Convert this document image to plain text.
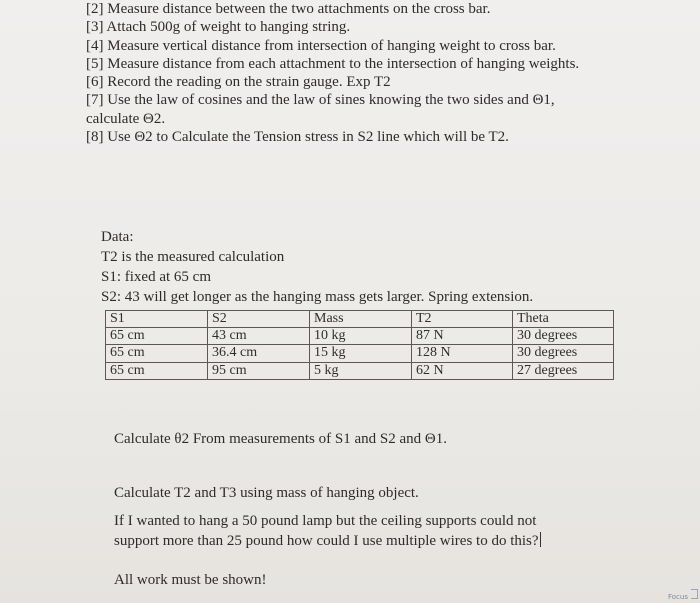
[2] Measure distance between the two attachments on the cross bar.

[3] Attach 500g of weight to hanging string.

[4] Measure vertical distance from intersection of hanging weight to cross bar.

[5] Measure distance from each attachment to the intersection of hanging weights.

[6] Record the reading on the strain gauge. Exp T2

[7] Use the law of cosines and the law of sines knowing the two sides and Θ1, calculate Θ2.

[8] Use Θ2 to Calculate the Tension stress in S2 line which will be T2.

Data:

T2 is the measured calculation

S1: fixed at 65 cm

S2: 43 will get longer as the hanging mass gets larger. Spring extension.

S1	S2	Mass	T2	Theta
65 cm	43 cm	10 kg	87 N	30 degrees
65 cm	36.4 cm	15 kg	128 N	30 degrees
65 cm	95 cm	5 kg	62 N	27 degrees

Calculate θ2 From measurements of S1 and S2 and Θ1.

Calculate T2 and T3 using mass of hanging object.

If I wanted to hang a 50 pound lamp but the ceiling supports could not support more than 25 pound how could I use multiple wires to do this?

All work must be shown!

Focus
